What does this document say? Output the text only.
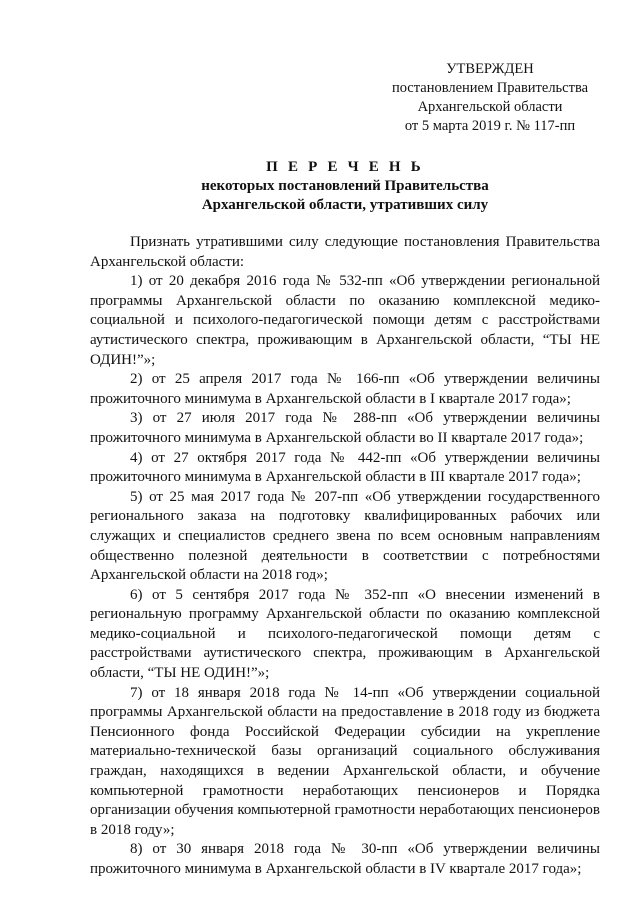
УТВЕРЖДЕН
постановлением Правительства
Архангельской области
от 5 марта 2019 г. № 117-пп
П Е Р Е Ч Е Н Ь
некоторых постановлений Правительства
Архангельской области, утративших силу

Признать утратившими силу следующие постановления Правительства Архангельской области:

1) от 20 декабря 2016 года № 532-пп «Об утверждении региональной программы Архангельской области по оказанию комплексной медико-социальной и психолого-педагогической помощи детям с расстройствами аутистического спектра, проживающим в Архангельской области, “ТЫ НЕ ОДИН!”»;

2) от 25 апреля 2017 года № 166-пп «Об утверждении величины прожиточного минимума в Архангельской области в I квартале 2017 года»;

3) от 27 июля 2017 года № 288-пп «Об утверждении величины прожиточного минимума в Архангельской области во II квартале 2017 года»;

4) от 27 октября 2017 года № 442-пп «Об утверждении величины прожиточного минимума в Архангельской области в III квартале 2017 года»;

5) от 25 мая 2017 года № 207-пп «Об утверждении государственного регионального заказа на подготовку квалифицированных рабочих или служащих и специалистов среднего звена по всем основным направлениям общественно полезной деятельности в соответствии с потребностями Архангельской области на 2018 год»;

6) от 5 сентября 2017 года № 352-пп «О внесении изменений в региональную программу Архангельской области по оказанию комплексной медико-социальной и психолого-педагогической помощи детям с расстройствами аутистического спектра, проживающим в Архангельской области, “ТЫ НЕ ОДИН!”»;

7) от 18 января 2018 года № 14-пп «Об утверждении социальной программы Архангельской области на предоставление в 2018 году из бюджета Пенсионного фонда Российской Федерации субсидии на укрепление материально-технической базы организаций социального обслуживания граждан, находящихся в ведении Архангельской области, и обучение компьютерной грамотности неработающих пенсионеров и Порядка организации обучения компьютерной грамотности неработающих пенсионеров в 2018 году»;

8) от 30 января 2018 года № 30-пп «Об утверждении величины прожиточного минимума в Архангельской области в IV квартале 2017 года»;
